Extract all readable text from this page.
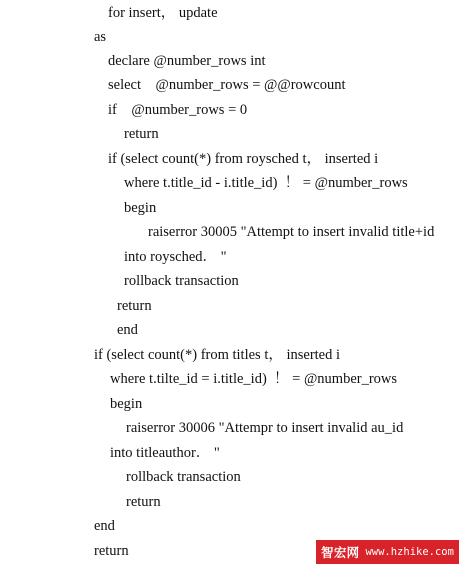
for insert， update
as
declare @number_rows int
select    @number_rows = @@rowcount
if    @number_rows = 0
return
if (select count(*) from roysched t， inserted i
where t.title_id - i.title_id)  ！ = @number_rows
begin
raiserror 30005 "Attempt to insert invalid title+id
into roysched． "
rollback transaction
return
end
if (select count(*) from titles t， inserted i
where t.tilte_id = i.title_id)  ！ = @number_rows
begin
raiserror 30006 "Attempr to insert invalid au_id
into titleauthor． "
rollback transaction
return
end
return	智宏网 www.hzhike.com
